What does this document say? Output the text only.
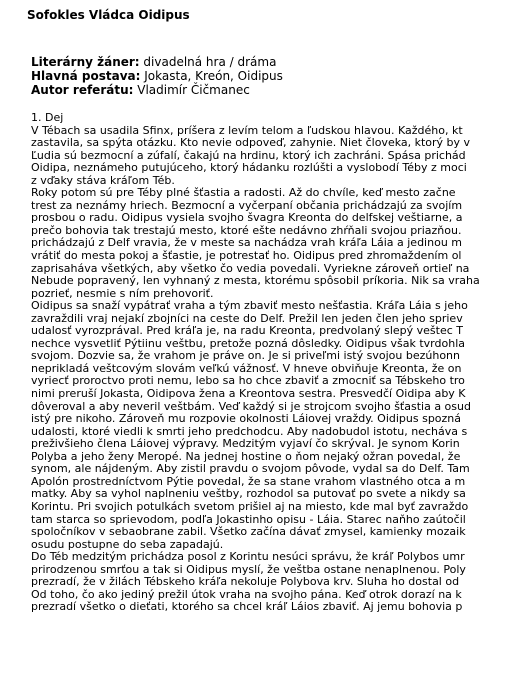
Sofokles Vládca Oidipus
Literárny žáner: divadelná hra / dráma
Hlavná postava: Jokasta, Kreón, Oidipus
Autor referátu: Vladimír Čičmanec
1. Dej
V Tébach sa usadila Sfinx, príšera z levím telom a ľudskou hlavou. Každého, kt
zastavila, sa spýta otázku. Kto nevie odpoveď, zahynie. Niet človeka, ktorý by v
Ľudia sú bezmocní a zúfalí, čakajú na hrdinu, ktorý ich zachráni. Spása prichád
Oidipa, neznámeho putujúceho, ktorý hádanku rozlúšti a vyslobodí Téby z moci
z vďaky stáva kráľom Téb.
Roky potom sú pre Téby plné šťastia a radosti. Až do chvíle, keď mesto začne
trest za neznámy hriech. Bezmocní a vyčerpaní občania prichádzajú za svojím
prosbou o radu. Oidipus vysiela svojho švagra Kreonta do delfskej veštiarne, a
prečo bohovia tak trestajú mesto, ktoré ešte nedávno zhŕňali svojou priazňou.
prichádzajú z Delf vravia, že v meste sa nachádza vrah kráľa Láia a jedinou m
vrátiť do mesta pokoj a šťastie, je potrestať ho. Oidipus pred zhromaždením ol
zaprisaháva všetkých, aby všetko čo vedia povedali. Vyriekne zároveň ortieľ na
Nebude popravený, len vyhnaný z mesta, ktorému spôsobil príkoria. Nik sa vraha
pozrieť, nesmie s ním prehovoriť.
Oidipus sa snaží vypátrať vraha a tým zbaviť mesto nešťastia. Kráľa Láia s jeho
zavraždili vraj nejakí zbojníci na ceste do Delf. Prežil len jeden člen jeho spriev
udalosť vyrozprával. Pred kráľa je, na radu Kreonta, predvolaný slepý veštec T
nechce vysvetliť Pýtiinu veštbu, pretože pozná dôsledky. Oidipus však tvrdohla
svojom. Dozvie sa, že vrahom je práve on. Je si priveľmi istý svojou bezúhonn
neprikladá veštcovým slovám veľkú vážnosť. V hneve obviňuje Kreonta, že on
vyriecť proroctvo proti nemu, lebo sa ho chce zbaviť a zmocniť sa Tébskeho tro
nimi preruší Jokasta, Oidipova žena a Kreontova sestra. Presvedčí Oidipa aby K
dôveroval a aby neveril veštbám. Veď každý si je strojcom svojho šťastia a osud
istý pre nikoho. Zároveň mu rozpovie okolnosti Láiovej vraždy. Oidipus spozná
udalosti, ktoré viedli k smrti jeho predchodcu. Aby nadobudol istotu, necháva s
preživšieho člena Láiovej výpravy. Medzitým vyjaví čo skrýval. Je synom Korin
Polyba a jeho ženy Meropé. Na jednej hostine o ňom nejaký ožran povedal, že
synom, ale nájdeným. Aby zistil pravdu o svojom pôvode, vydal sa do Delf. Tam
Apolón prostredníctvom Pýtie povedal, že sa stane vrahom vlastného otca a m
matky. Aby sa vyhol naplneniu veštby, rozhodol sa putovať po svete a nikdy sa
Korintu. Pri svojich potulkách svetom prišiel aj na miesto, kde mal byť zavraždo
tam starca so sprievodom, podľa Jokastinho opisu - Láia. Starec naňho zaútočil
spoločníkov v sebaobrane zabil. Všetko začína dávať zmysel, kamienky mozaik
osudu postupne do seba zapadajú.
Do Téb medzitým prichádza posol z Korintu nesúci správu, že kráľ Polybos umr
prirodzenou smrťou a tak si Oidipus myslí, že veštba ostane nenaplnenou. Poly
prezradí, že v žilách Tébskeho kráľa nekoluje Polybova krv. Sluha ho dostal od
Od toho, čo ako jediný prežil útok vraha na svojho pána. Keď otrok dorazí na k
prezradí všetko o dieťati, ktorého sa chcel kráľ Láios zbaviť. Aj jemu bohovia p
